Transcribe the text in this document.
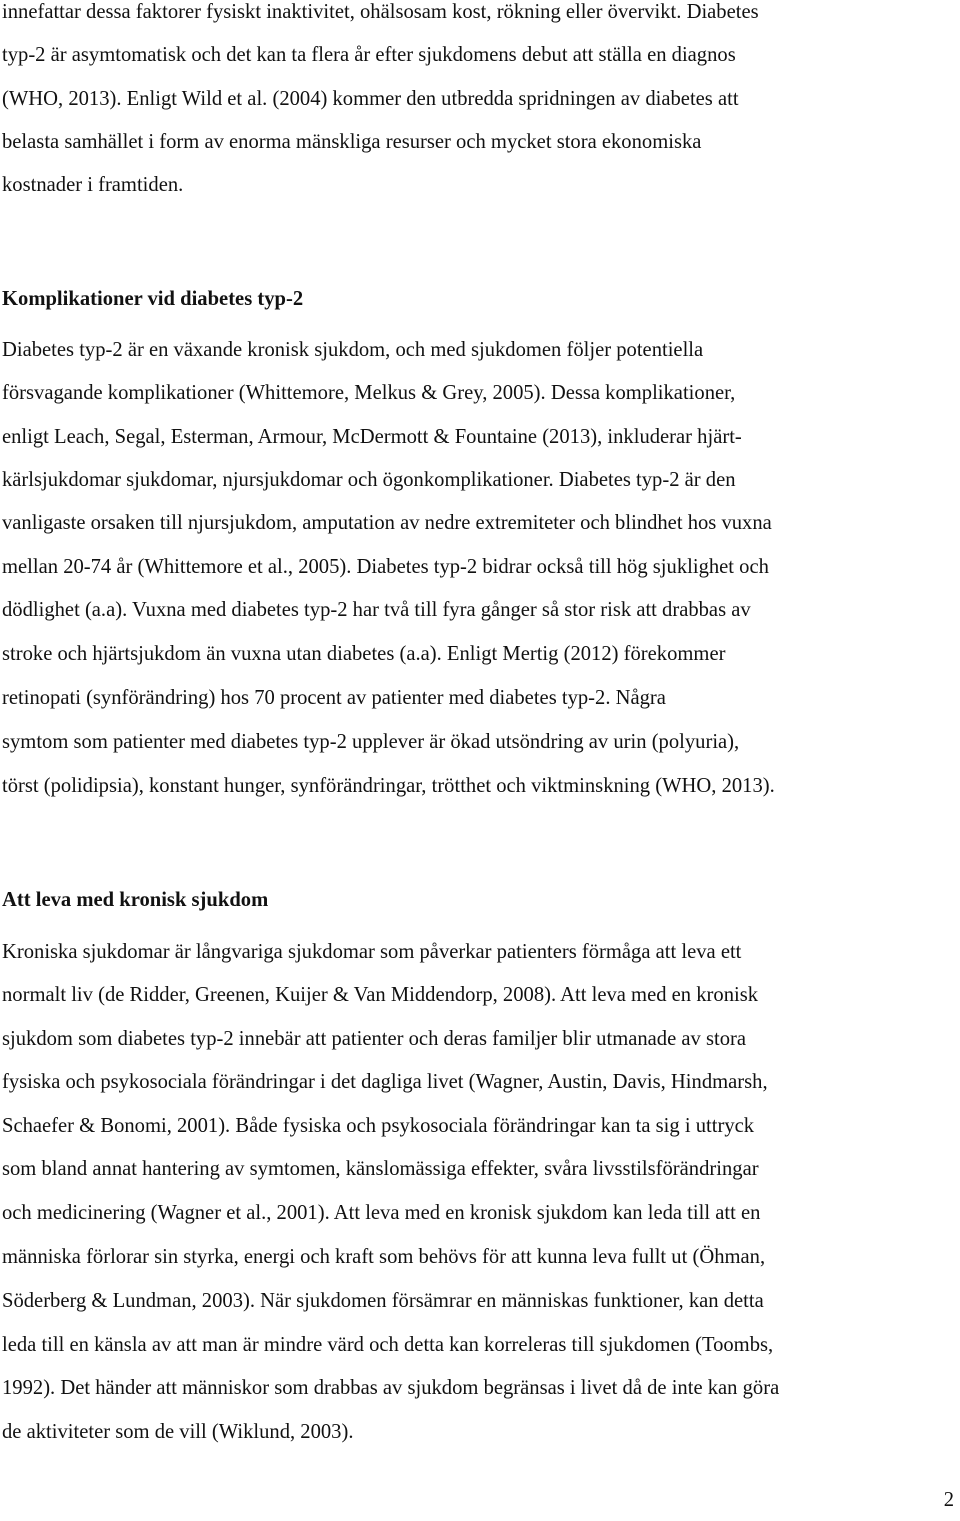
innefattar dessa faktorer fysiskt inaktivitet, ohälsosam kost, rökning eller övervikt. Diabetes
typ-2 är asymtomatisk och det kan ta flera år efter sjukdomens debut att ställa en diagnos
(WHO, 2013). Enligt Wild et al. (2004) kommer den utbredda spridningen av diabetes att
belasta samhället i form av enorma mänskliga resurser och mycket stora ekonomiska
kostnader i framtiden.
Komplikationer vid diabetes typ-2
Diabetes typ-2 är en växande kronisk sjukdom, och med sjukdomen följer potentiella
försvagande komplikationer (Whittemore, Melkus & Grey, 2005). Dessa komplikationer,
enligt Leach, Segal, Esterman, Armour, McDermott & Fountaine (2013), inkluderar hjärt-
kärlsjukdomar sjukdomar, njursjukdomar och ögonkomplikationer. Diabetes typ-2 är den
vanligaste orsaken till njursjukdom, amputation av nedre extremiteter och blindhet hos vuxna
mellan 20-74 år (Whittemore et al., 2005). Diabetes typ-2 bidrar också till hög sjuklighet och
dödlighet (a.a). Vuxna med diabetes typ-2 har två till fyra gånger så stor risk att drabbas av
stroke och hjärtsjukdom än vuxna utan diabetes (a.a). Enligt Mertig (2012) förekommer
retinopati (synförändring) hos 70 procent av patienter med diabetes typ-2. Några
symtom som patienter med diabetes typ-2 upplever är ökad utsöndring av urin (polyuria),
törst (polidipsia), konstant hunger, synförändringar, trötthet och viktminskning (WHO, 2013).
Att leva med kronisk sjukdom
Kroniska sjukdomar är långvariga sjukdomar som påverkar patienters förmåga att leva ett
normalt liv (de Ridder, Greenen, Kuijer & Van Middendorp, 2008). Att leva med en kronisk
sjukdom som diabetes typ-2 innebär att patienter och deras familjer blir utmanade av stora
fysiska och psykosociala förändringar i det dagliga livet (Wagner, Austin, Davis, Hindmarsh,
Schaefer & Bonomi, 2001). Både fysiska och psykosociala förändringar kan ta sig i uttryck
som bland annat hantering av symtomen, känslomässiga effekter, svåra livsstilsförändringar
och medicinering (Wagner et al., 2001). Att leva med en kronisk sjukdom kan leda till att en
människa förlorar sin styrka, energi och kraft som behövs för att kunna leva fullt ut (Öhman,
Söderberg & Lundman, 2003). När sjukdomen försämrar en människas funktioner, kan detta
leda till en känsla av att man är mindre värd och detta kan korreleras till sjukdomen (Toombs,
1992). Det händer att människor som drabbas av sjukdom begränsas i livet då de inte kan göra
de aktiviteter som de vill (Wiklund, 2003).
2
